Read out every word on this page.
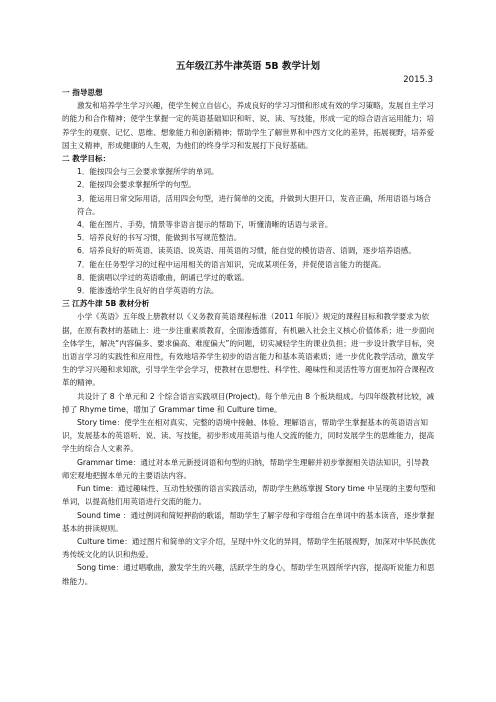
五年级江苏牛津英语 5B 教学计划
2015.3

一 指导思想

激发和培养学生学习兴趣，使学生树立自信心，养成良好的学习习惯和形成有效的学习策略，发展自主学习的能力和合作精神；使学生掌握一定的英语基础知识和听、说、读、写技能，形成一定的综合语言运用能力；培养学生的观察、记忆、思维、想象能力和创新精神；帮助学生了解世界和中西方文化的差异，拓展视野，培养爱国主义精神，形成健康的人生观，为他们的终身学习和发展打下良好基础。

二 教学目标：

1．能按四会与三会要求掌握所学的单词。

2．能按四会要求掌握所学的句型。

3．能运用日常交际用语，活用四会句型，进行简单的交流，并做到大胆开口，发音正确，所用语语与场合符合。

4．能在图片、手势，情景等非语言提示的帮助下，听懂清晰的话语与录音。

5．培养良好的书写习惯，能做到书写规范整洁。

6．培养良好的听英语、读英语、说英语、用英语的习惯，能自觉的模仿语音、语调，逐步培养语感。

7．能在任务型学习的过程中运用相关的语言知识，完成某项任务，并促使语言能力的提高。

8．能演唱以学过的英语歌曲，朗诵已学过的歌谣。

9．能渗透给学生良好的自学英语的方法。

三 江苏牛津 5B 教材分析

小学《英语》五年级上册教材以《义务教育英语课程标准（2011 年版）》规定的课程目标和教学要求为依据，在原有教材的基础上：进一步注重素质教育，全面渗透德育，有机融入社会主义核心价值体系；进一步面向全体学生，解决“内容偏多、要求偏高、难度偏大”的问题，切实减轻学生的课业负担；进一步设计教学目标，突出语言学习的实践性和应用性，有效地培养学生初步的语言能力和基本英语素质；进一步优化教学活动，激发学生的学习兴趣和求知欲，引导学生学会学习，使教材在思想性、科学性、趣味性和灵活性等方面更加符合课程改革的精神。

共设计了 8 个单元和 2 个综合语言实践项目(Project)。每个单元由 8 个板块组成。与四年级教材比较，减掉了 Rhyme time，增加了 Grammar time 和 Culture time。

Story time：使学生在相对真实、完整的语境中接触、体验、理解语言，帮助学生掌握基本的英语语言知识，发展基本的英语听、说、读、写技能，初步形成用英语与他人交流的能力，同时发展学生的思维能力，提高学生的综合人文素养。

Grammar time：通过对本单元新授词语和句型的归纳，帮助学生理解并初步掌握相关语法知识，引导教师宏观地把握本单元的主要语法内容。

Fun time：通过趣味性、互动性较强的语言实践活动，帮助学生熟练掌握 Story time 中呈现的主要句型和单词，以提高他们用英语进行交流的能力。

Sound time ：通过例词和简短押韵的歌谣，帮助学生了解字母和字母组合在单词中的基本读音，逐步掌握基本的拼读规则。

Culture time：通过图片和简单的文字介绍，呈现中外文化的异同，帮助学生拓展视野，加深对中华民族优秀传统文化的认识和热爱。

Song time：通过唱歌曲，激发学生的兴趣，活跃学生的身心，帮助学生巩固所学内容，提高听说能力和思维能力。
